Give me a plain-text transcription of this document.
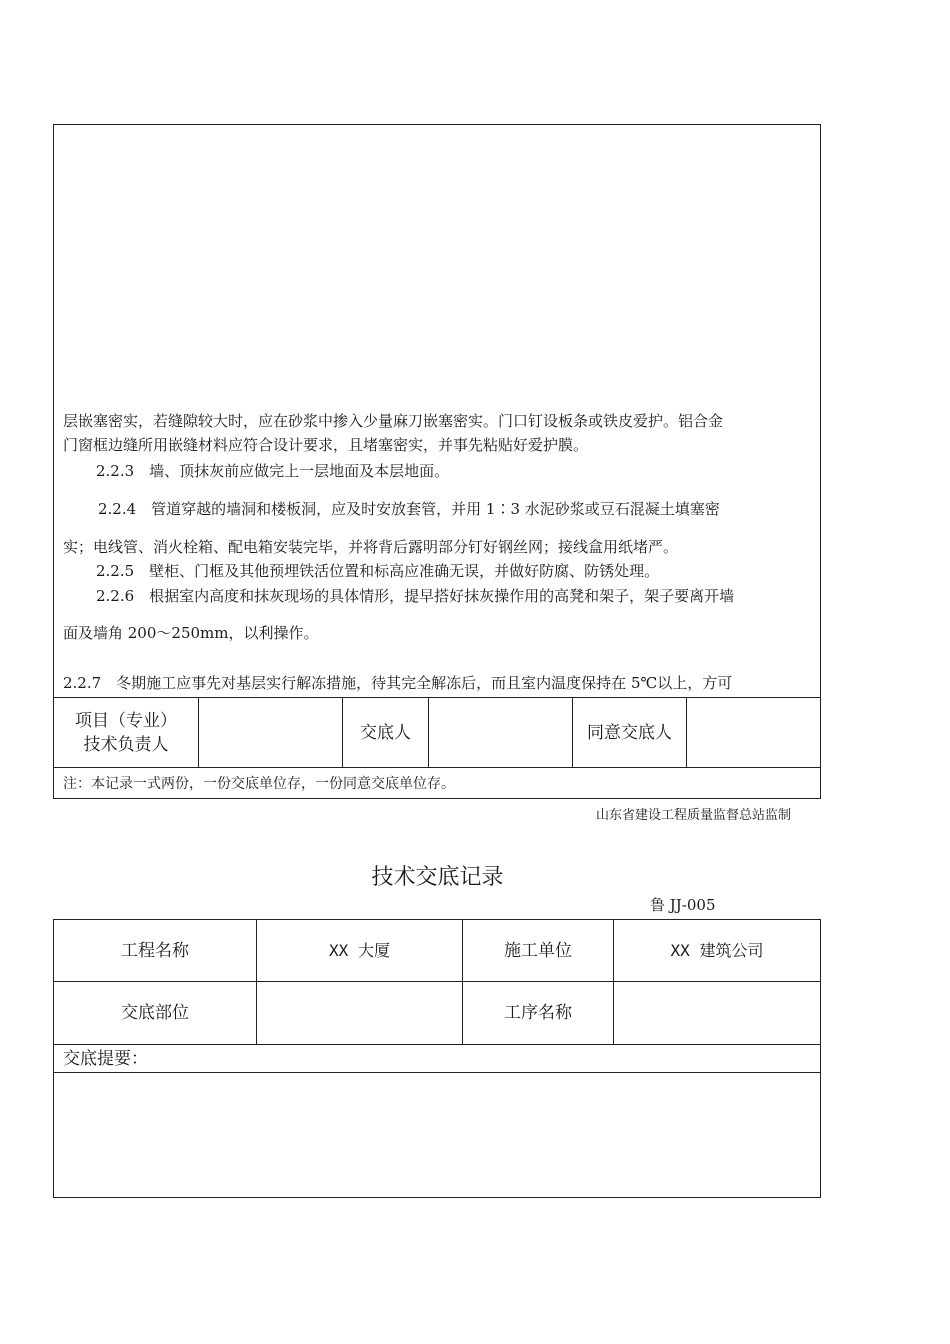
层嵌塞密实，若缝隙较大时，应在砂浆中掺入少量麻刀嵌塞密实。门口钉设板条或铁皮爱护。铝合金
门窗框边缝所用嵌缝材料应符合设计要求，且堵塞密实，并事先粘贴好爱护膜。
2.2.3　墙、顶抹灰前应做完上一层地面及本层地面。
2.2.4　管道穿越的墙洞和楼板洞，应及时安放套管，并用 1∶3 水泥砂浆或豆石混凝土填塞密
实；电线管、消火栓箱、配电箱安装完毕，并将背后露明部分钉好钢丝网；接线盒用纸堵严。
2.2.5　壁柜、门框及其他预埋铁活位置和标高应准确无误，并做好防腐、防锈处理。
2.2.6　根据室内高度和抹灰现场的具体情形，提早搭好抹灰操作用的高凳和架子，架子要离开墙
面及墙角 200～250mm，以利操作。
2.2.7　冬期施工应事先对基层实行解冻措施，待其完全解冻后，而且室内温度保持在 5℃以上，方可
项目（专业）
技术负责人
交底人	同意交底人
注：本记录一式两份，一份交底单位存，一份同意交底单位存。
山东省建设工程质量监督总站监制
技术交底记录
鲁 JJ-005
工程名称	XX 大厦	施工单位	XX 建筑公司
交底部位	工序名称
交底提要：
